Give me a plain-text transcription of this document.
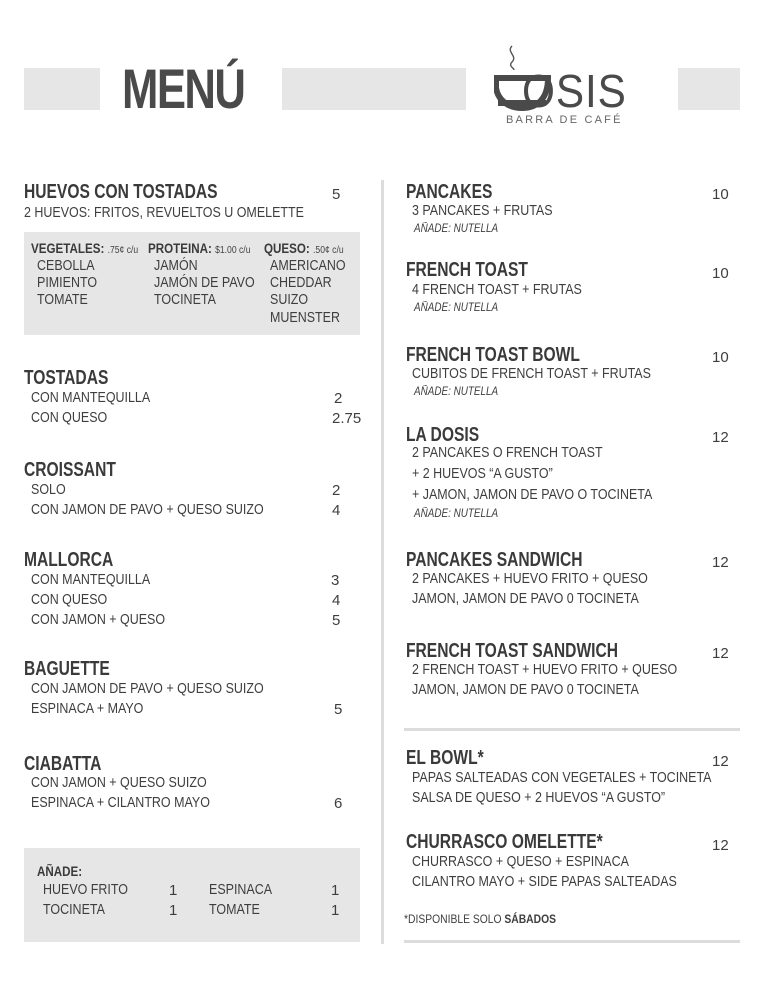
MENÚ	OSIS
BARRA DE CAFÉ
HUEVOS CON TOSTADAS	5
2 HUEVOS: FRITOS, REVUELTOS U OMELETTE
VEGETALES: .75¢ c/u
CEBOLLA
PIMIENTO
TOMATE
PROTEINA: $1.00 c/u
JAMÓN
JAMÓN DE PAVO
TOCINETA
QUESO: .50¢ c/u
AMERICANO
CHEDDAR
SUIZO
MUENSTER
TOSTADAS
CON MANTEQUILLA	2
CON QUESO	2.75
CROISSANT
SOLO	2
CON JAMON DE PAVO + QUESO SUIZO	4
MALLORCA
CON MANTEQUILLA	3
CON QUESO	4
CON JAMON + QUESO	5
BAGUETTE
CON JAMON DE PAVO + QUESO SUIZO
ESPINACA + MAYO	5
CIABATTA
CON JAMON + QUESO SUIZO
ESPINACA + CILANTRO MAYO	6
AÑADE:
HUEVO FRITO	1 ESPINACA	1
TOCINETA	1 TOMATE	1
PANCAKES	10
3 PANCAKES + FRUTAS
AÑADE: NUTELLA
FRENCH TOAST	10
4 FRENCH TOAST + FRUTAS
AÑADE: NUTELLA
FRENCH TOAST BOWL	10
CUBITOS DE FRENCH TOAST + FRUTAS
AÑADE: NUTELLA
LA DOSIS	12
2 PANCAKES O FRENCH TOAST
+ 2 HUEVOS “A GUSTO”
+ JAMON, JAMON DE PAVO O TOCINETA
AÑADE: NUTELLA
PANCAKES SANDWICH	12
2 PANCAKES + HUEVO FRITO + QUESO
JAMON, JAMON DE PAVO 0 TOCINETA
FRENCH TOAST SANDWICH	12
2 FRENCH TOAST + HUEVO FRITO + QUESO
JAMON, JAMON DE PAVO 0 TOCINETA
EL BOWL*	12
PAPAS SALTEADAS CON VEGETALES + TOCINETA
SALSA DE QUESO + 2 HUEVOS “A GUSTO”
CHURRASCO OMELETTE*	12
CHURRASCO + QUESO + ESPINACA
CILANTRO MAYO + SIDE PAPAS SALTEADAS
*DISPONIBLE SOLO SÁBADOS
